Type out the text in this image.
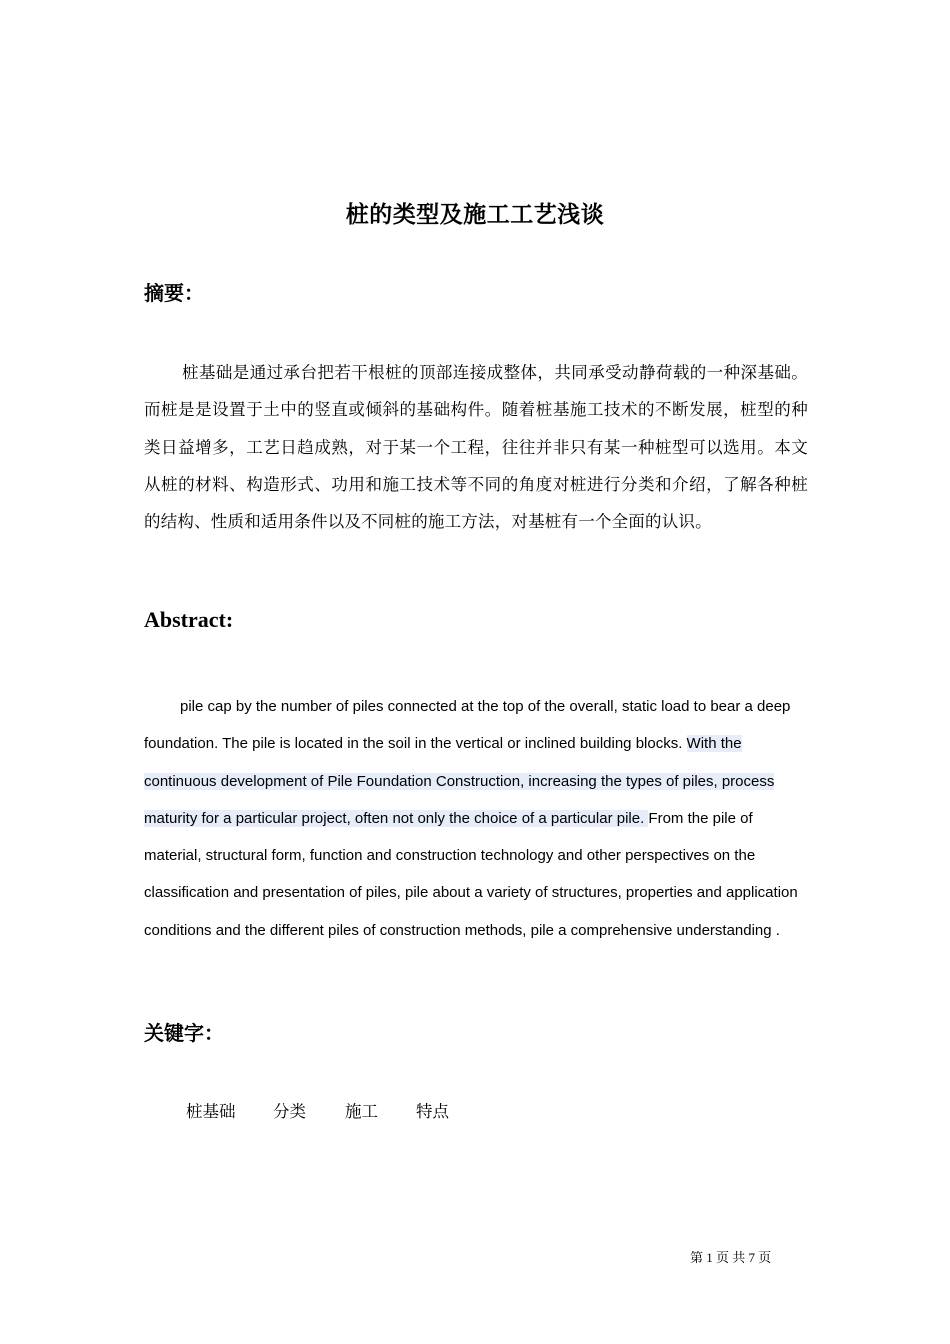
桩的类型及施工工艺浅谈
摘要：
桩基础是通过承台把若干根桩的顶部连接成整体，共同承受动静荷载的一种深基础。而桩是是设置于土中的竖直或倾斜的基础构件。随着桩基施工技术的不断发展，桩型的种类日益增多，工艺日趋成熟，对于某一个工程，往往并非只有某一种桩型可以选用。本文从桩的材料、构造形式、功用和施工技术等不同的角度对桩进行分类和介绍，了解各种桩的结构、性质和适用条件以及不同桩的施工方法，对基桩有一个全面的认识。
Abstract:
pile cap by the number of piles connected at the top of the overall, static load to bear a deep foundation. The pile is located in the soil in the vertical or inclined building blocks. With the continuous development of Pile Foundation Construction, increasing the types of piles, process maturity for a particular project, often not only the choice of a particular pile. From the pile of material, structural form, function and construction technology and other perspectives on the classification and presentation of piles, pile about a variety of structures, properties and application conditions and the different piles of construction methods, pile a comprehensive understanding .
关键字：
桩基础	分类	施工	特点
第 1 页 共 7 页
